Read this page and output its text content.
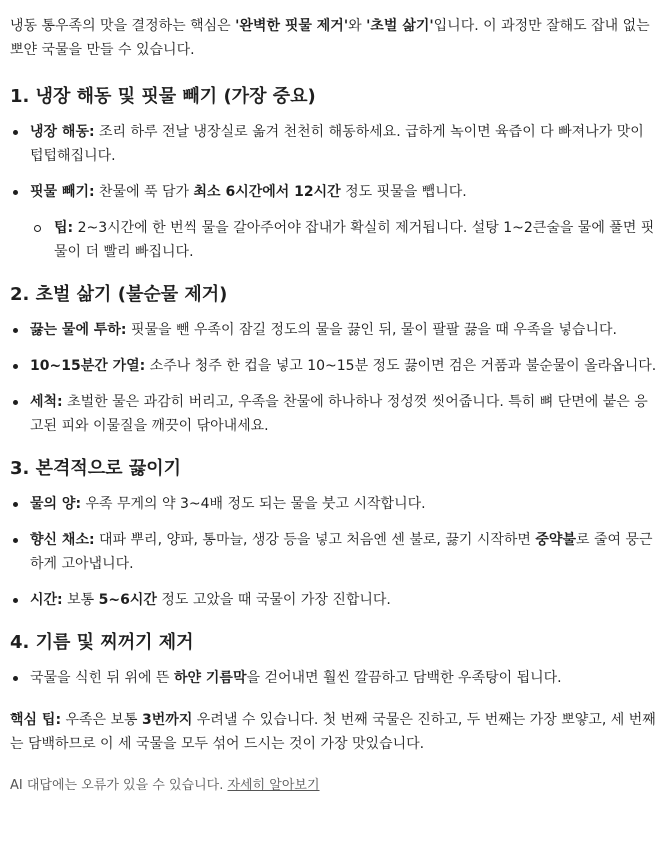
냉동 통우족의 맛을 결정하는 핵심은 '완벽한 핏물 제거'와 '초벌 삶기'입니다. 이 과정만 잘해도 잡내 없는 뽀얀 국물을 만들 수 있습니다.

1. 냉장 해동 및 핏물 빼기 (가장 중요)
냉장 해동: 조리 하루 전날 냉장실로 옮겨 천천히 해동하세요. 급하게 녹이면 육즙이 다 빠져나가 맛이 텁텁해집니다.
핏물 빼기: 찬물에 푹 담가 최소 6시간에서 12시간 정도 핏물을 뺍니다.
팁: 2~3시간에 한 번씩 물을 갈아주어야 잡내가 확실히 제거됩니다. 설탕 1~2큰술을 물에 풀면 핏물이 더 빨리 빠집니다.
2. 초벌 삶기 (불순물 제거)
끓는 물에 투하: 핏물을 뺀 우족이 잠길 정도의 물을 끓인 뒤, 물이 팔팔 끓을 때 우족을 넣습니다.
10~15분간 가열: 소주나 청주 한 컵을 넣고 10~15분 정도 끓이면 검은 거품과 불순물이 올라옵니다.
세척: 초벌한 물은 과감히 버리고, 우족을 찬물에 하나하나 정성껏 씻어줍니다. 특히 뼈 단면에 붙은 응고된 피와 이물질을 깨끗이 닦아내세요.
3. 본격적으로 끓이기
물의 양: 우족 무게의 약 3~4배 정도 되는 물을 붓고 시작합니다.
향신 채소: 대파 뿌리, 양파, 통마늘, 생강 등을 넣고 처음엔 센 불로, 끓기 시작하면 중약불로 줄여 뭉근하게 고아냅니다.
시간: 보통 5~6시간 정도 고았을 때 국물이 가장 진합니다.
4. 기름 및 찌꺼기 제거
국물을 식힌 뒤 위에 뜬 하얀 기름막을 걷어내면 훨씬 깔끔하고 담백한 우족탕이 됩니다.

핵심 팁: 우족은 보통 3번까지 우려낼 수 있습니다. 첫 번째 국물은 진하고, 두 번째는 가장 뽀얗고, 세 번째는 담백하므로 이 세 국물을 모두 섞어 드시는 것이 가장 맛있습니다.

AI 대답에는 오류가 있을 수 있습니다. 자세히 알아보기
